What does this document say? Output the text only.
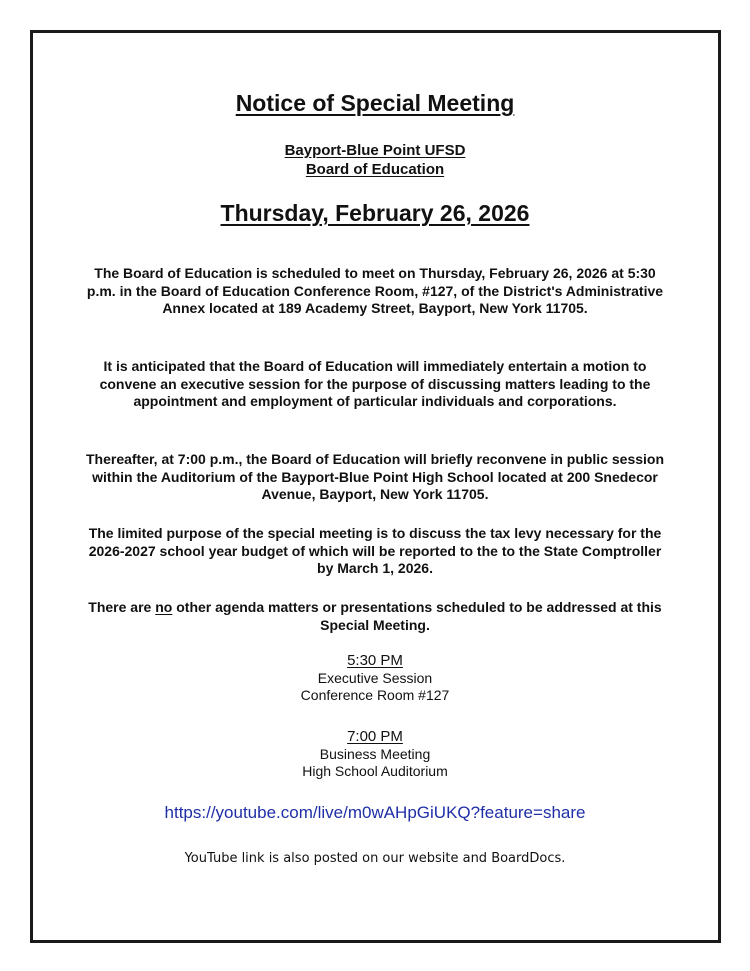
Notice of Special Meeting
Bayport-Blue Point UFSD
Board of Education
Thursday, February 26, 2026

The Board of Education is scheduled to meet on Thursday, February 26, 2026 at 5:30 p.m. in the Board of Education Conference Room, #127, of the District's Administrative Annex located at 189 Academy Street, Bayport, New York 11705.

It is anticipated that the Board of Education will immediately entertain a motion to convene an executive session for the purpose of discussing matters leading to the appointment and employment of particular individuals and corporations.

Thereafter, at 7:00 p.m., the Board of Education will briefly reconvene in public session within the Auditorium of the Bayport-Blue Point High School located at 200 Snedecor Avenue, Bayport, New York 11705.

The limited purpose of the special meeting is to discuss the tax levy necessary for the 2026-2027 school year budget of which will be reported to the to the State Comptroller by March 1, 2026.

There are no other agenda matters or presentations scheduled to be addressed at this Special Meeting.

5:30 PM
Executive Session
Conference Room #127
7:00 PM
Business Meeting
High School Auditorium
https://youtube.com/live/m0wAHpGiUKQ?feature=share
YouTube link is also posted on our website and BoardDocs.
